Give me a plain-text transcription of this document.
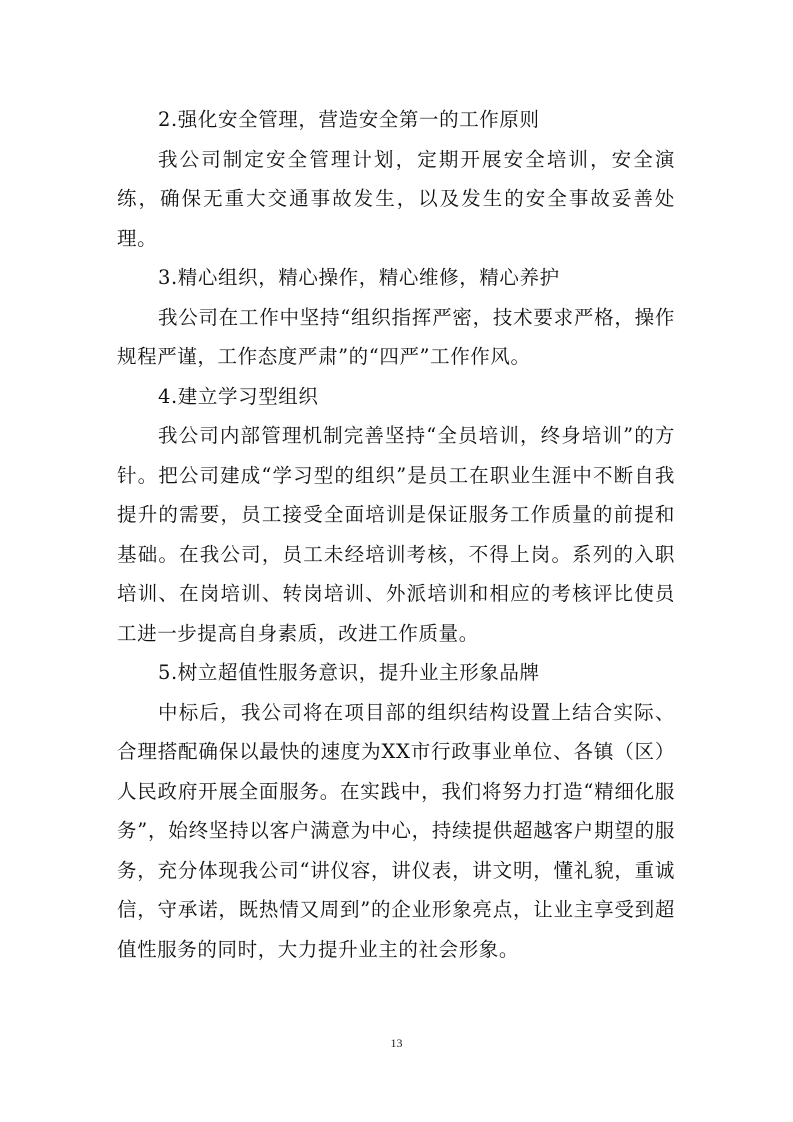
2.强化安全管理，营造安全第一的工作原则

我公司制定安全管理计划，定期开展安全培训，安全演练，确保无重大交通事故发生，以及发生的安全事故妥善处理。

3.精心组织，精心操作，精心维修，精心养护

我公司在工作中坚持“组织指挥严密，技术要求严格，操作规程严谨，工作态度严肃”的“四严”工作作风。

4.建立学习型组织

我公司内部管理机制完善坚持“全员培训，终身培训”的方针。把公司建成“学习型的组织”是员工在职业生涯中不断自我提升的需要，员工接受全面培训是保证服务工作质量的前提和基础。在我公司，员工未经培训考核，不得上岗。系列的入职培训、在岗培训、转岗培训、外派培训和相应的考核评比使员工进一步提高自身素质，改进工作质量。

5.树立超值性服务意识，提升业主形象品牌

中标后，我公司将在项目部的组织结构设置上结合实际、合理搭配确保以最快的速度为XX市行政事业单位、各镇（区）人民政府开展全面服务。在实践中，我们将努力打造“精细化服务”，始终坚持以客户满意为中心，持续提供超越客户期望的服务，充分体现我公司“讲仪容，讲仪表，讲文明，懂礼貌，重诚信，守承诺，既热情又周到”的企业形象亮点，让业主享受到超值性服务的同时，大力提升业主的社会形象。

13
